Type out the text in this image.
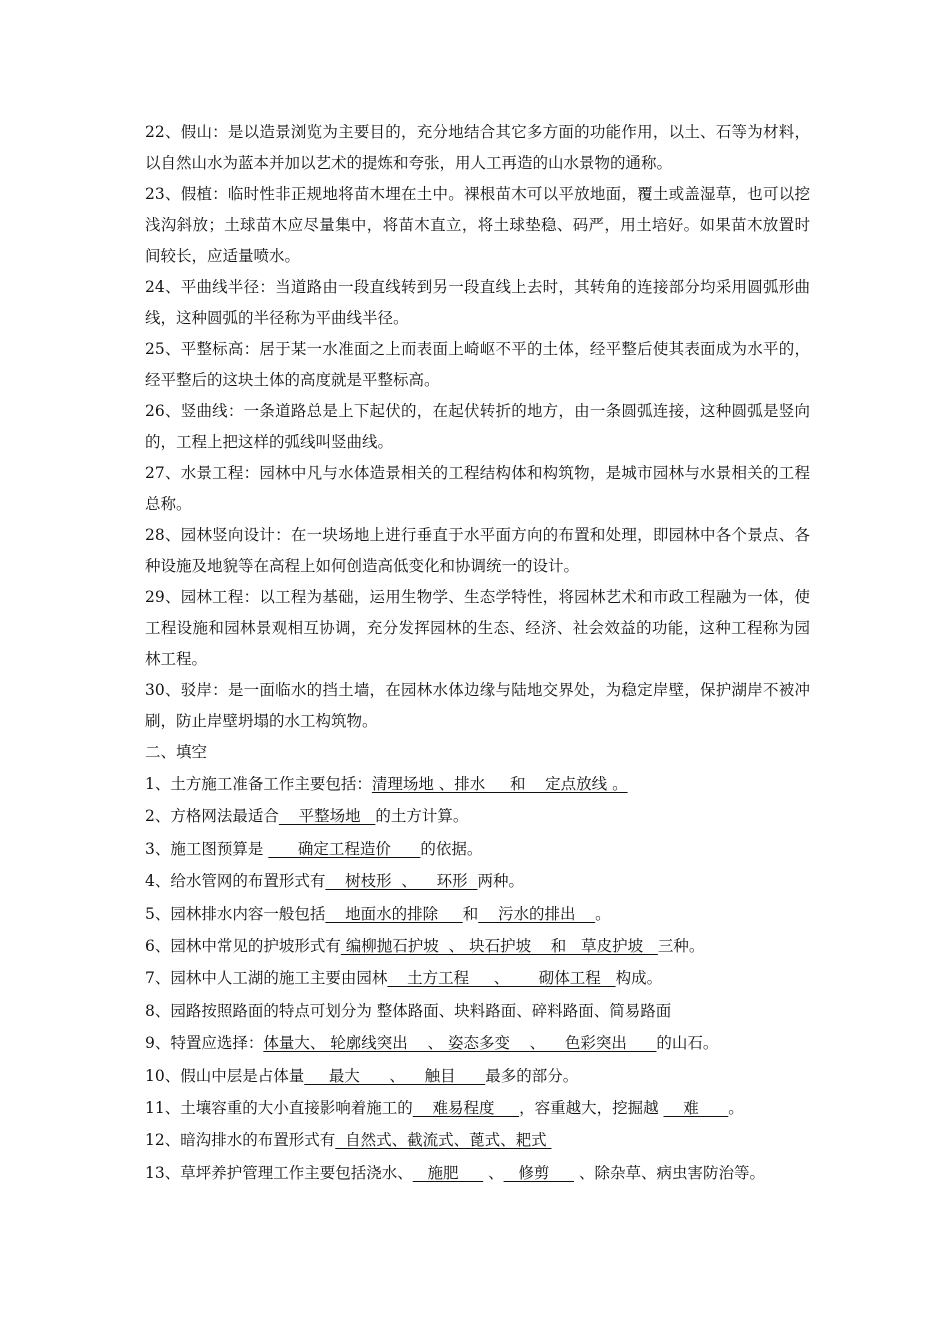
22、假山：是以造景浏览为主要目的，充分地结合其它多方面的功能作用，以土、石等为材料，以自然山水为蓝本并加以艺术的提炼和夸张，用人工再造的山水景物的通称。

23、假植：临时性非正规地将苗木埋在土中。裸根苗木可以平放地面，覆土或盖湿草，也可以挖浅沟斜放；土球苗木应尽量集中，将苗木直立，将土球垫稳、码严，用土培好。如果苗木放置时间较长，应适量喷水。

24、平曲线半径：当道路由一段直线转到另一段直线上去时，其转角的连接部分均采用圆弧形曲线，这种圆弧的半径称为平曲线半径。

25、平整标高：居于某一水准面之上而表面上崎岖不平的土体，经平整后使其表面成为水平的，经平整后的这块土体的高度就是平整标高。

26、竖曲线：一条道路总是上下起伏的，在起伏转折的地方，由一条圆弧连接，这种圆弧是竖向的，工程上把这样的弧线叫竖曲线。

27、水景工程：园林中凡与水体造景相关的工程结构体和构筑物，是城市园林与水景相关的工程总称。

28、园林竖向设计：在一块场地上进行垂直于水平面方向的布置和处理，即园林中各个景点、各种设施及地貌等在高程上如何创造高低变化和协调统一的设计。

29、园林工程：以工程为基础，运用生物学、生态学特性，将园林艺术和市政工程融为一体，使工程设施和园林景观相互协调，充分发挥园林的生态、经济、社会效益的功能，这种工程称为园林工程。

30、驳岸：是一面临水的挡土墙，在园林水体边缘与陆地交界处，为稳定岸壁，保护湖岸不被冲刷，防止岸壁坍塌的水工构筑物。

二、填空

1、土方施工准备工作主要包括：清理场地 、排水     和    定点放线 。

2、方格网法最适合    平整场地   的土方计算。

3、施工图预算是       确定工程造价      的依据。

4、给水管网的布置形式有    树枝形  、    环形  两种。

5、园林排水内容一般包括    地面水的排除     和    污水的排出    。

6、园林中常见的护坡形式有 编柳抛石护坡  、 块石护坡    和   草皮护坡   三种。

7、园林中人工湖的施工主要由园林    土方工程     、      砌体工程   构成。

8、园路按照路面的特点可划分为 整体路面、块料路面、碎料路面、简易路面

9、特置应选择：体量大、 轮廓线突出    、 姿态多变    、    色彩突出      的山石。

10、假山中层是占体量     最大      、    触目      最多的部分。

11、土壤容重的大小直接影响着施工的    难易程度     ，容重越大，挖掘越     难      。

12、暗沟排水的布置形式有  自然式、截流式、蓖式、耙式

13、草坪养护管理工作主要包括浇水、   施肥      、   修剪      、除杂草、病虫害防治等。
